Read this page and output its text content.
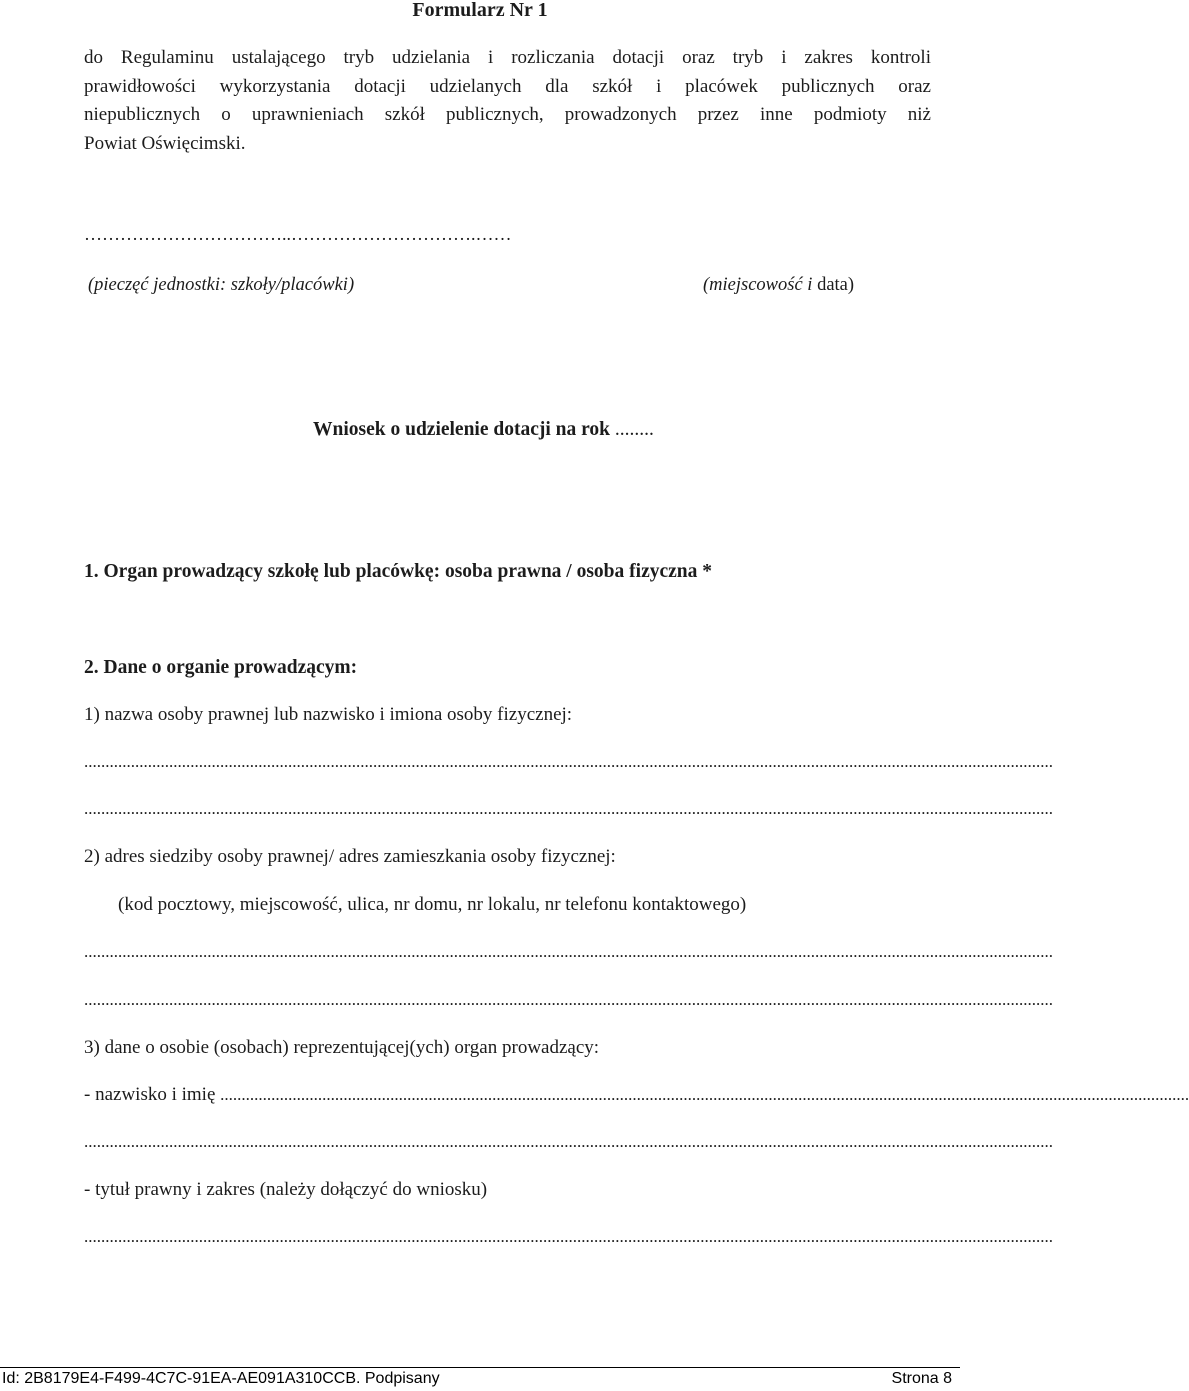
Formularz Nr 1
do Regulaminu ustalającego tryb udzielania i rozliczania dotacji oraz tryb i zakres kontroli
prawidłowości wykorzystania dotacji udzielanych dla szkół i placówek publicznych oraz
niepublicznych o uprawnieniach szkół publicznych, prowadzonych przez inne podmioty niż
Powiat Oświęcimski.
……………………………..………………………….……
(pieczęć jednostki: szkoły/placówki)	(miejscowość i data)
Wniosek o udzielenie dotacji na rok ........
1. Organ prowadzący szkołę lub placówkę: osoba prawna / osoba fizyczna *
2. Dane o organie prowadzącym:
1) nazwa osoby prawnej lub nazwisko i imiona osoby fizycznej:
....................................................................................................................................................................................................................................
....................................................................................................................................................................................................................................
2) adres siedziby osoby prawnej/ adres zamieszkania osoby fizycznej:
(kod pocztowy, miejscowość, ulica, nr domu, nr lokalu, nr telefonu kontaktowego)
....................................................................................................................................................................................................................................
....................................................................................................................................................................................................................................
3) dane o osobie (osobach) reprezentującej(ych) organ prowadzący:
- nazwisko i imię ....................................................................................................................................................................................................................................
....................................................................................................................................................................................................................................
- tytuł prawny i zakres (należy dołączyć do wniosku)
....................................................................................................................................................................................................................................
Id: 2B8179E4-F499-4C7C-91EA-AE091A310CCB. Podpisany	Strona 8
